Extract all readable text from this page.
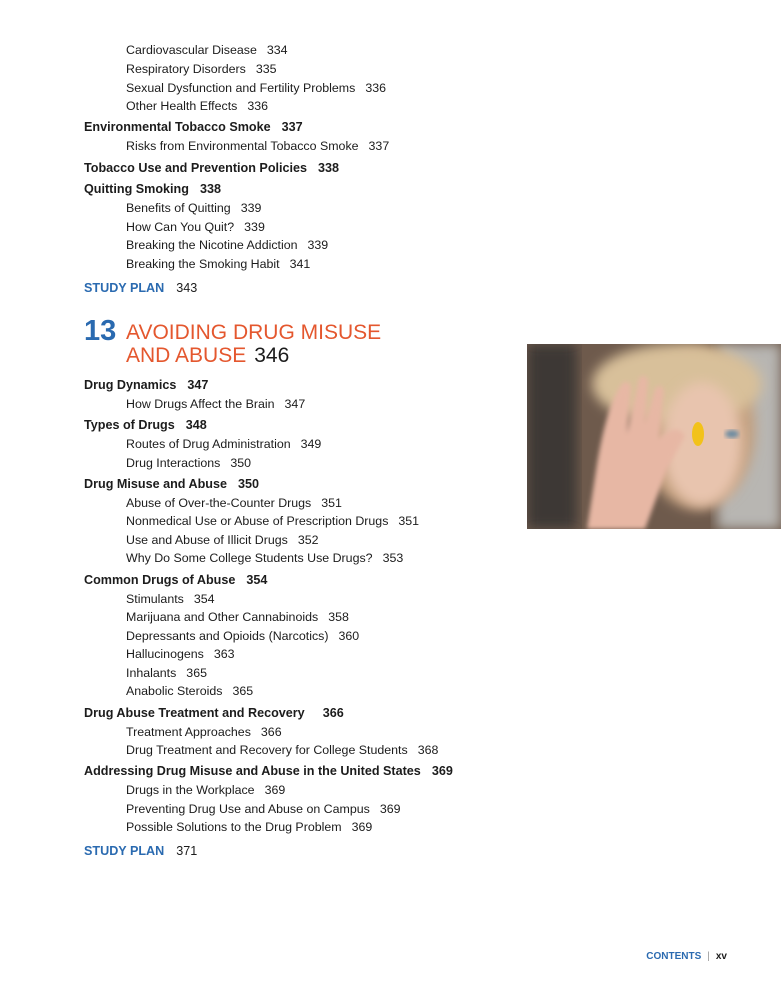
Cardiovascular Disease 334
Respiratory Disorders 335
Sexual Dysfunction and Fertility Problems 336
Other Health Effects 336
Environmental Tobacco Smoke 337
Risks from Environmental Tobacco Smoke 337
Tobacco Use and Prevention Policies 338
Quitting Smoking 338
Benefits of Quitting 339
How Can You Quit? 339
Breaking the Nicotine Addiction 339
Breaking the Smoking Habit 341
STUDY PLAN 343
13 AVOIDING DRUG MISUSE
AND ABUSE 346
Drug Dynamics 347
How Drugs Affect the Brain 347
Types of Drugs 348
Routes of Drug Administration 349
Drug Interactions 350
Drug Misuse and Abuse 350
Abuse of Over-the-Counter Drugs 351
Nonmedical Use or Abuse of Prescription Drugs 351
Use and Abuse of Illicit Drugs 352
Why Do Some College Students Use Drugs? 353
Common Drugs of Abuse 354
Stimulants 354
Marijuana and Other Cannabinoids 358
Depressants and Opioids (Narcotics) 360
Hallucinogens 363
Inhalants 365
Anabolic Steroids 365
Drug Abuse Treatment and Recovery 366
Treatment Approaches 366
Drug Treatment and Recovery for College Students 368
Addressing Drug Misuse and Abuse in the United States 369
Drugs in the Workplace 369
Preventing Drug Use and Abuse on Campus 369
Possible Solutions to the Drug Problem 369
STUDY PLAN 371
CONTENTS | xv
